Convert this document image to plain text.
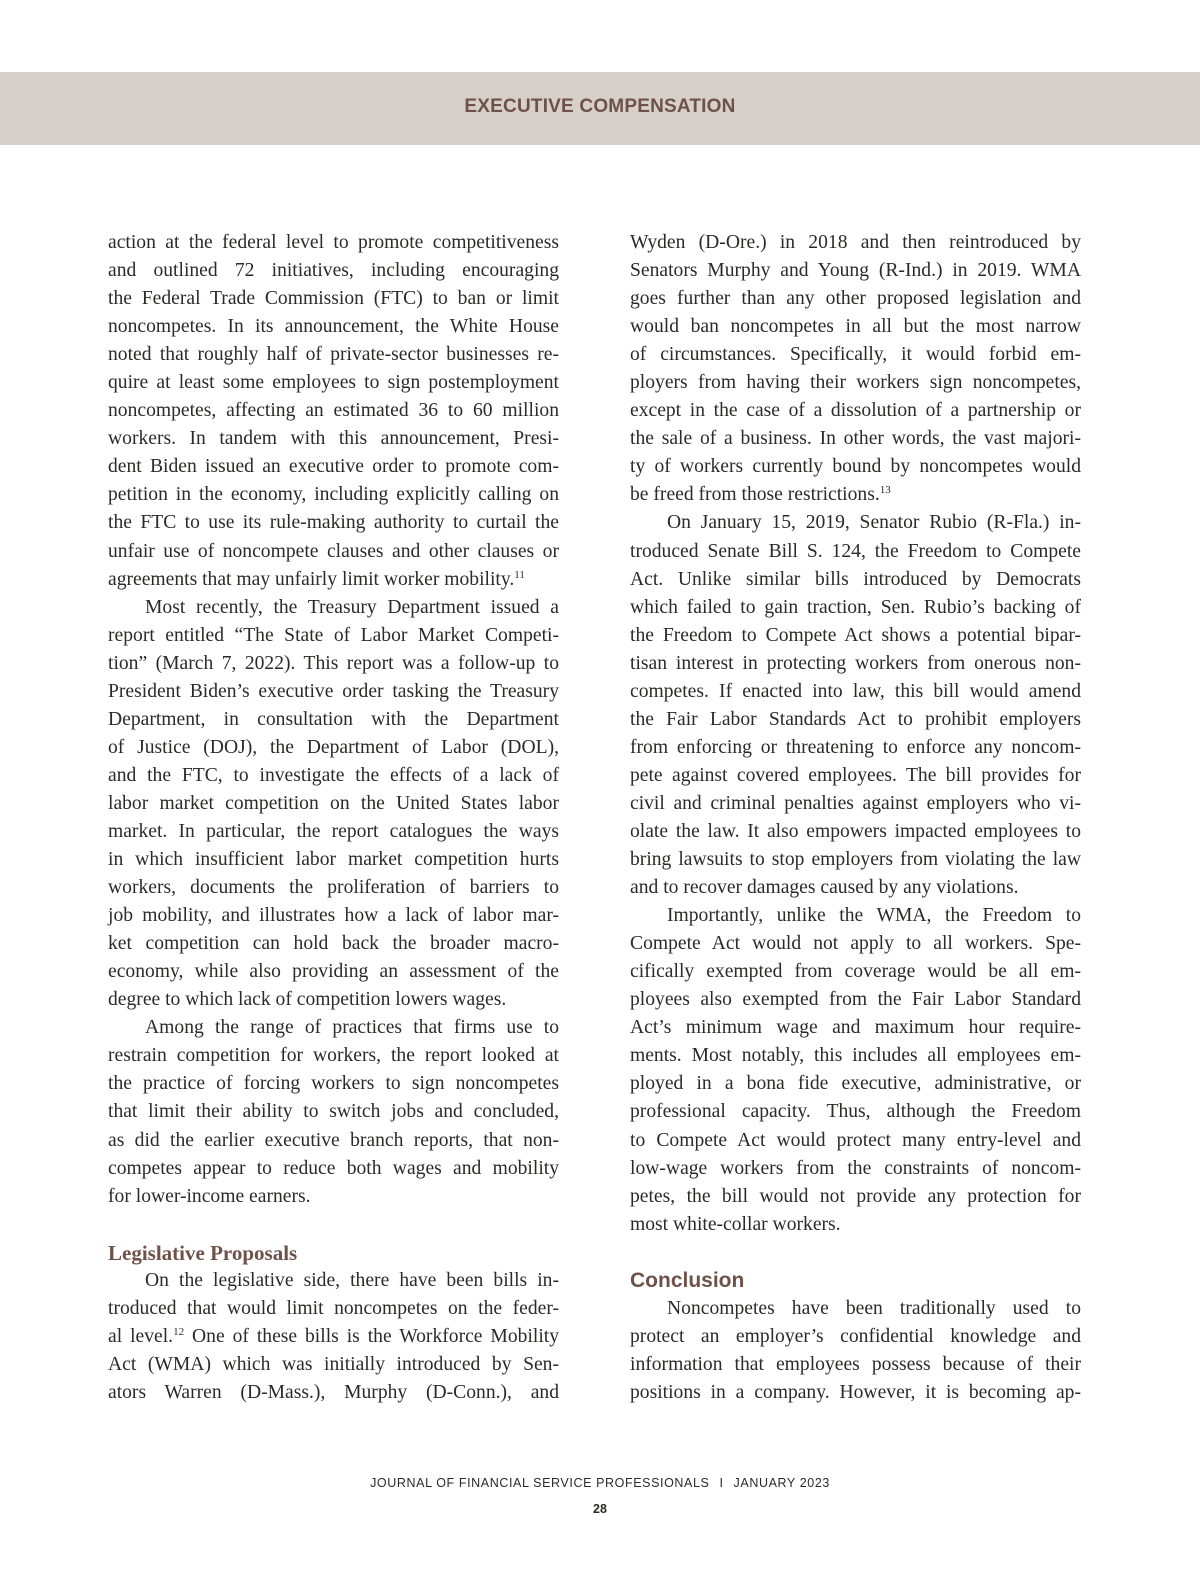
EXECUTIVE COMPENSATION
action at the federal level to promote competitiveness
and outlined 72 initiatives, including encouraging
the Federal Trade Commission (FTC) to ban or limit
noncompetes. In its announcement, the White House
noted that roughly half of private-sector businesses re-
quire at least some employees to sign postemployment
noncompetes, affecting an estimated 36 to 60 million
workers. In tandem with this announcement, Presi-
dent Biden issued an executive order to promote com-
petition in the economy, including explicitly calling on
the FTC to use its rule-making authority to curtail the
unfair use of noncompete clauses and other clauses or
agreements that may unfairly limit worker mobility.$^{11}$
Most recently, the Treasury Department issued a
report entitled “The State of Labor Market Competi-
tion” (March 7, 2022). This report was a follow-up to
President Biden’s executive order tasking the Treasury
Department, in consultation with the Department
of Justice (DOJ), the Department of Labor (DOL),
and the FTC, to investigate the effects of a lack of
labor market competition on the United States labor
market. In particular, the report catalogues the ways
in which insufficient labor market competition hurts
workers, documents the proliferation of barriers to
job mobility, and illustrates how a lack of labor mar-
ket competition can hold back the broader macro-
economy, while also providing an assessment of the
degree to which lack of competition lowers wages.
Among the range of practices that firms use to
restrain competition for workers, the report looked at
the practice of forcing workers to sign noncompetes
that limit their ability to switch jobs and concluded,
as did the earlier executive branch reports, that non-
competes appear to reduce both wages and mobility
for lower-income earners.
Legislative Proposals
On the legislative side, there have been bills in-
troduced that would limit noncompetes on the feder-
al level.$^{12}$ One of these bills is the Workforce Mobility
Act (WMA) which was initially introduced by Sen-
ators Warren (D-Mass.), Murphy (D-Conn.), and
Wyden (D-Ore.) in 2018 and then reintroduced by
Senators Murphy and Young (R-Ind.) in 2019. WMA
goes further than any other proposed legislation and
would ban noncompetes in all but the most narrow
of circumstances. Specifically, it would forbid em-
ployers from having their workers sign noncompetes,
except in the case of a dissolution of a partnership or
the sale of a business. In other words, the vast majori-
ty of workers currently bound by noncompetes would
be freed from those restrictions.$^{13}$
On January 15, 2019, Senator Rubio (R-Fla.) in-
troduced Senate Bill S. 124, the Freedom to Compete
Act. Unlike similar bills introduced by Democrats
which failed to gain traction, Sen. Rubio’s backing of
the Freedom to Compete Act shows a potential bipar-
tisan interest in protecting workers from onerous non-
competes. If enacted into law, this bill would amend
the Fair Labor Standards Act to prohibit employers
from enforcing or threatening to enforce any noncom-
pete against covered employees. The bill provides for
civil and criminal penalties against employers who vi-
olate the law. It also empowers impacted employees to
bring lawsuits to stop employers from violating the law
and to recover damages caused by any violations.
Importantly, unlike the WMA, the Freedom to
Compete Act would not apply to all workers. Spe-
cifically exempted from coverage would be all em-
ployees also exempted from the Fair Labor Standard
Act’s minimum wage and maximum hour require-
ments. Most notably, this includes all employees em-
ployed in a bona fide executive, administrative, or
professional capacity. Thus, although the Freedom
to Compete Act would protect many entry-level and
low-wage workers from the constraints of noncom-
petes, the bill would not provide any protection for
most white-collar workers.
Conclusion
Noncompetes have been traditionally used to
protect an employer’s confidential knowledge and
information that employees possess because of their
positions in a company. However, it is becoming ap-
JOURNAL OF FINANCIAL SERVICE PROFESSIONALS I JANUARY 2023
28
